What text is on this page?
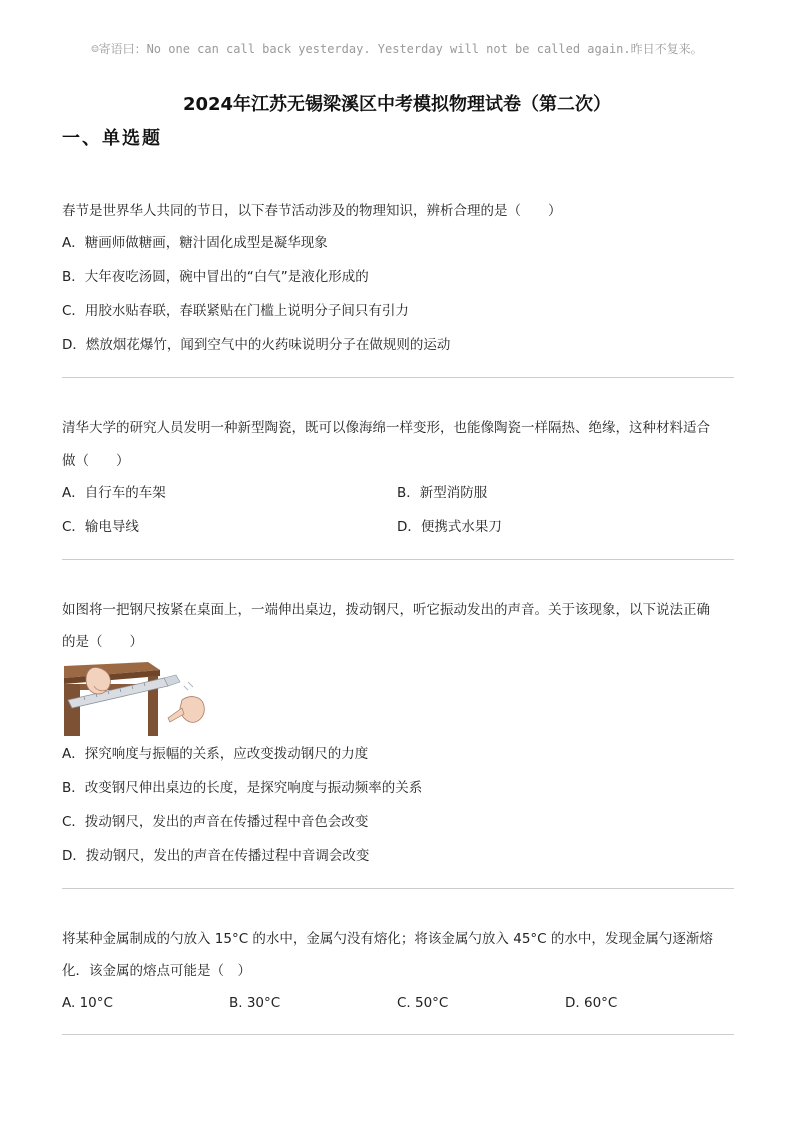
☺寄语曰：No one can call back yesterday. Yesterday will not be called again.昨日不复来。
2024年江苏无锡梁溪区中考模拟物理试卷（第二次）
一、单选题
春节是世界华人共同的节日，以下春节活动涉及的物理知识，辨析合理的是（　　）
A．糖画师做糖画，糖汁固化成型是凝华现象
B．大年夜吃汤圆，碗中冒出的“白气”是液化形成的
C．用胶水贴春联，春联紧贴在门槛上说明分子间只有引力
D．燃放烟花爆竹，闻到空气中的火药味说明分子在做规则的运动
清华大学的研究人员发明一种新型陶瓷，既可以像海绵一样变形，也能像陶瓷一样隔热、绝缘，这种材料适合
做（　　）
A．自行车的车架	B．新型消防服
C．输电导线	D．便携式水果刀
如图将一把钢尺按紧在桌面上，一端伸出桌边，拨动钢尺，听它振动发出的声音。关于该现象，以下说法正确
的是（　　）
A．探究响度与振幅的关系，应改变拨动钢尺的力度
B．改变钢尺伸出桌边的长度，是探究响度与振动频率的关系
C．拨动钢尺，发出的声音在传播过程中音色会改变
D．拨动钢尺，发出的声音在传播过程中音调会改变
将某种金属制成的勺放入 15°C 的水中，金属勺没有熔化；将该金属勺放入 45°C 的水中，发现金属勺逐渐熔
化．该金属的熔点可能是（　）
A. 10°C	B. 30°C	C. 50°C	D. 60°C
